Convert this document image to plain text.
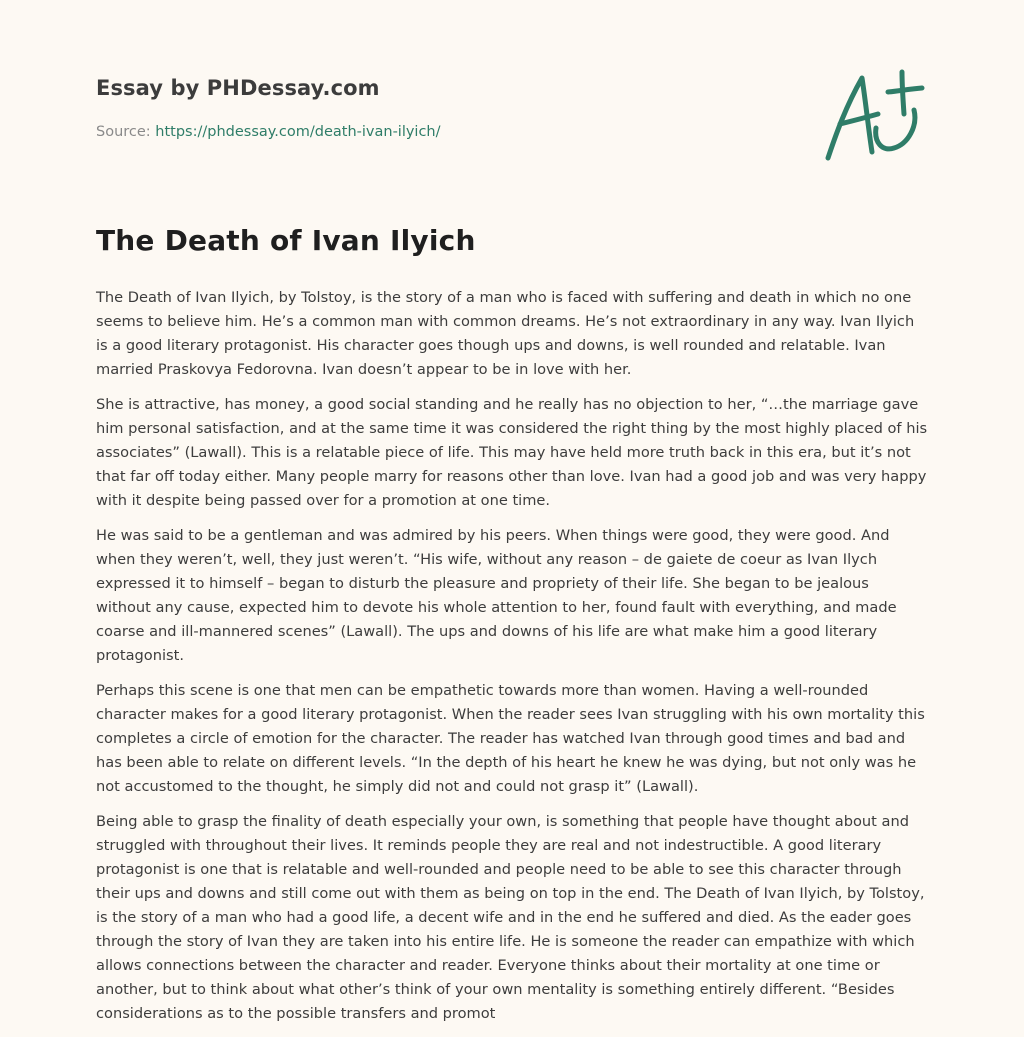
Essay by PHDessay.com
Source: https://phdessay.com/death-ivan-ilyich/
The Death of Ivan Ilyich

The Death of Ivan Ilyich, by Tolstoy, is the story of a man who is faced with suffering and death in which no one seems to believe him. He’s a common man with common dreams. He’s not extraordinary in any way. Ivan Ilyich is a good literary protagonist. His character goes though ups and downs, is well rounded and relatable. Ivan married Praskovya Fedorovna. Ivan doesn’t appear to be in love with her.

She is attractive, has money, a good social standing and he really has no objection to her, “…the marriage gave him personal satisfaction, and at the same time it was considered the right thing by the most highly placed of his associates” (Lawall). This is a relatable piece of life. This may have held more truth back in this era, but it’s not that far off today either. Many people marry for reasons other than love. Ivan had a good job and was very happy with it despite being passed over for a promotion at one time.

He was said to be a gentleman and was admired by his peers. When things were good, they were good. And when they weren’t, well, they just weren’t. “His wife, without any reason – de gaiete de coeur as Ivan Ilych expressed it to himself – began to disturb the pleasure and propriety of their life. She began to be jealous without any cause, expected him to devote his whole attention to her, found fault with everything, and made coarse and ill-mannered scenes” (Lawall). The ups and downs of his life are what make him a good literary protagonist.

Perhaps this scene is one that men can be empathetic towards more than women. Having a well-rounded character makes for a good literary protagonist. When the reader sees Ivan struggling with his own mortality this completes a circle of emotion for the character. The reader has watched Ivan through good times and bad and has been able to relate on different levels. “In the depth of his heart he knew he was dying, but not only was he not accustomed to the thought, he simply did not and could not grasp it” (Lawall).

Being able to grasp the finality of death especially your own, is something that people have thought about and struggled with throughout their lives. It reminds people they are real and not indestructible. A good literary protagonist is one that is relatable and well-rounded and people need to be able to see this character through their ups and downs and still come out with them as being on top in the end. The Death of Ivan Ilyich, by Tolstoy, is the story of a man who had a good life, a decent wife and in the end he suffered and died. As the eader goes through the story of Ivan they are taken into his entire life. He is someone the reader can empathize with which allows connections between the character and reader. Everyone thinks about their mortality at one time or another, but to think about what other’s think of your own mentality is something entirely different. “Besides considerations as to the possible transfers and promot
